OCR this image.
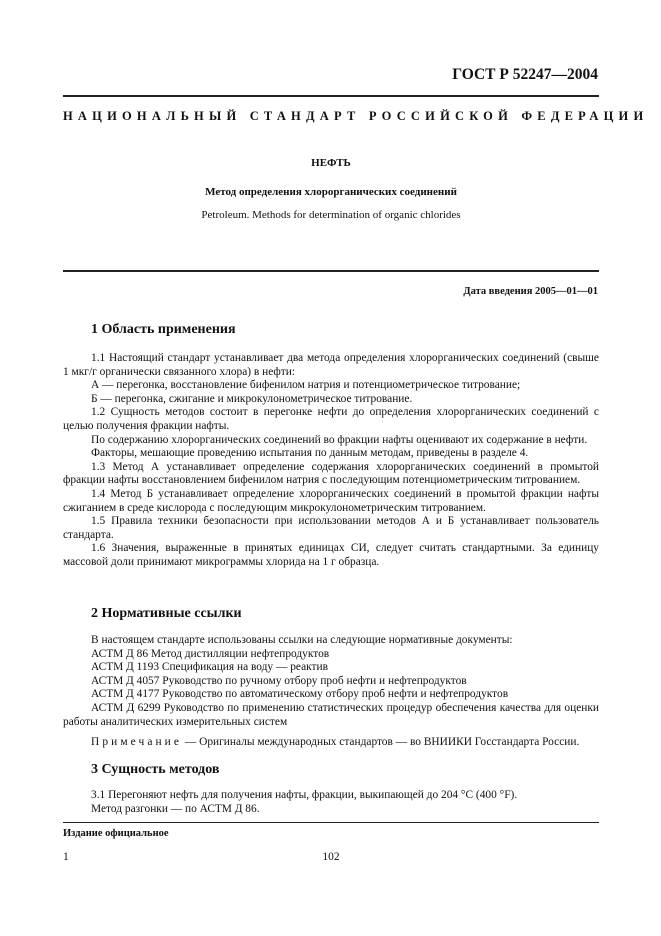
ГОСТ Р 52247—2004
НАЦИОНАЛЬНЫЙ СТАНДАРТ РОССИЙСКОЙ ФЕДЕРАЦИИ
НЕФТЬ
Метод определения хлорорганических соединений
Petroleum. Methods for determination of organic chlorides
Дата введения 2005—01—01
1 Область применения

1.1 Настоящий стандарт устанавливает два метода определения хлорорганических соединений (свыше 1 мкг/г органически связанного хлора) в нефти:

А — перегонка, восстановление бифенилом натрия и потенциометрическое титрование;

Б — перегонка, сжигание и микрокулонометрическое титрование.

1.2 Сущность методов состоит в перегонке нефти до определения хлорорганических соединений с целью получения фракции нафты.

По содержанию хлорорганических соединений во фракции нафты оценивают их содержание в нефти.

Факторы, мешающие проведению испытания по данным методам, приведены в разделе 4.

1.3 Метод А устанавливает определение содержания хлорорганических соединений в промытой фракции нафты восстановлением бифенилом натрия с последующим потенциометрическим титрованием.

1.4 Метод Б устанавливает определение хлорорганических соединений в промытой фракции нафты сжиганием в среде кислорода с последующим микрокулонометрическим титрованием.

1.5 Правила техники безопасности при использовании методов А и Б устанавливает пользователь стандарта.

1.6 Значения, выраженные в принятых единицах СИ, следует считать стандартными. За единицу массовой доли принимают микрограммы хлорида на 1 г образца.

2 Нормативные ссылки

В настоящем стандарте использованы ссылки на следующие нормативные документы:

АСТМ Д 86 Метод дистилляции нефтепродуктов

АСТМ Д 1193 Спецификация на воду — реактив

АСТМ Д 4057 Руководство по ручному отбору проб нефти и нефтепродуктов

АСТМ Д 4177 Руководство по автоматическому отбору проб нефти и нефтепродуктов

АСТМ Д 6299 Руководство по применению статистических процедур обеспечения качества для оценки работы аналитических измерительных систем

Примечание — Оригиналы международных стандартов — во ВНИИКИ Госстандарта России.
3 Сущность методов

3.1 Перегоняют нефть для получения нафты, фракции, выкипающей до 204 °С (400 °F).

Метод разгонки — по АСТМ Д 86.

Издание официальное
1	102
